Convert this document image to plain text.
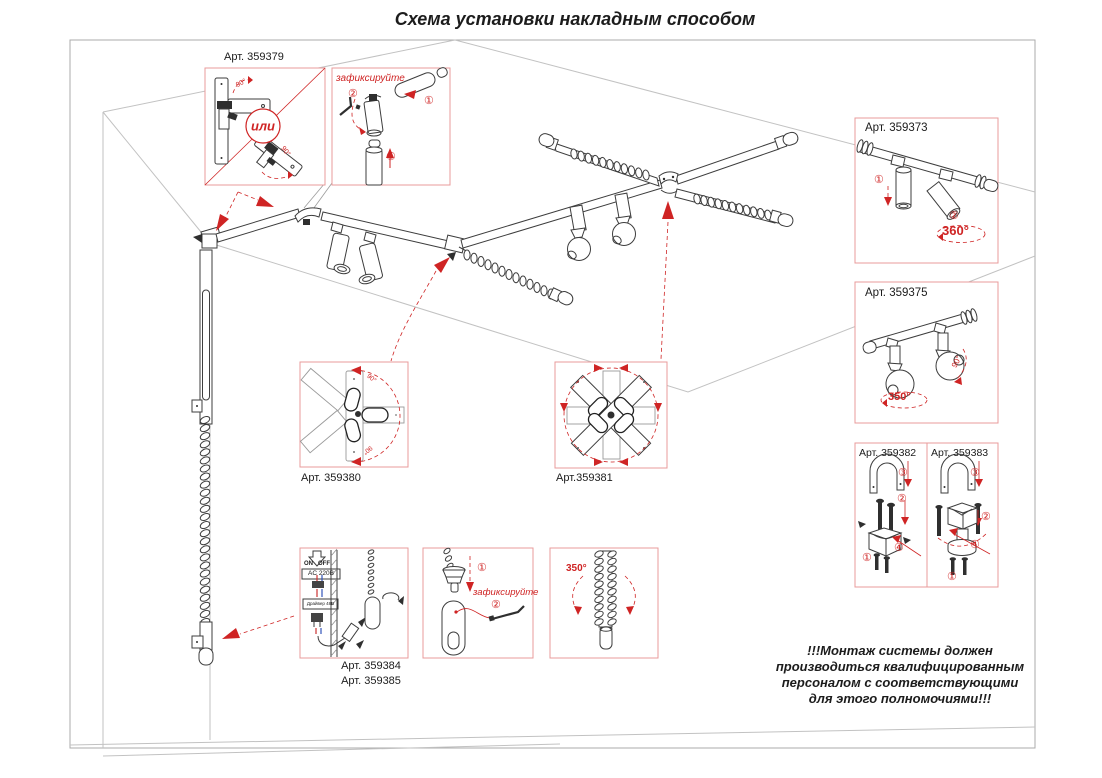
Схема установки накладным способом
Арт. 359379
90°
90°
или
зафиксируйте
②
①
①
Арт. 359373
①
②
360°
Арт. 359375
350°
90°
Арт. 359382
③
②
④
①
Арт. 359383
③
②
④
①
Арт. 359380
90°
90°
Арт.359381
ON OFF
AC 220В
Драйвер 48В
Арт. 359384
Арт. 359385
①
зафиксируйте
②
350°
!!!Монтаж системы должен
производиться квалифицированным
персоналом с соответствующими
для этого полномочиями!!!
